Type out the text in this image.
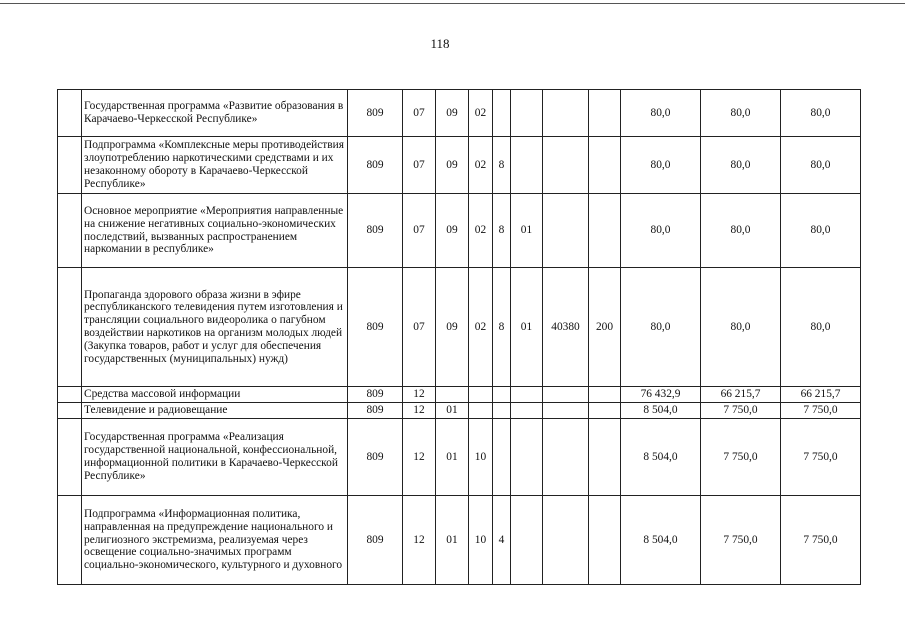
118
	Государственная программа «Развитие образования в Карачаево-Черкесской Республике»	809	07	09	02					80,0	80,0	80,0
	Подпрограмма «Комплексные меры противодействия злоупотреблению наркотическими средствами и их незаконному обороту в Карачаево-Черкесской Республике»	809	07	09	02	8				80,0	80,0	80,0
	Основное мероприятие «Мероприятия направленные на снижение негативных социально-экономических последствий, вызванных распространением наркомании в республике»	809	07	09	02	8	01			80,0	80,0	80,0
	Пропаганда здорового образа жизни в эфире республиканского телевидения путем изготовления и трансляции социального видеоролика о пагубном воздействии наркотиков на организм молодых людей (Закупка товаров, работ и услуг для обеспечения государственных (муниципальных) нужд)	809	07	09	02	8	01	40380	200	80,0	80,0	80,0
	Средства массовой информации	809	12							76 432,9	66 215,7	66 215,7
	Телевидение и радиовещание	809	12	01						8 504,0	7 750,0	7 750,0
	Государственная программа «Реализация государственной национальной, конфессиональной, информационной политики в Карачаево-Черкесской Республике»	809	12	01	10					8 504,0	7 750,0	7 750,0
	Подпрограмма «Информационная политика, направленная на предупреждение национального и религиозного экстремизма, реализуемая через освещение социально-значимых программ социально-экономического, культурного и духовного	809	12	01	10	4				8 504,0	7 750,0	7 750,0
